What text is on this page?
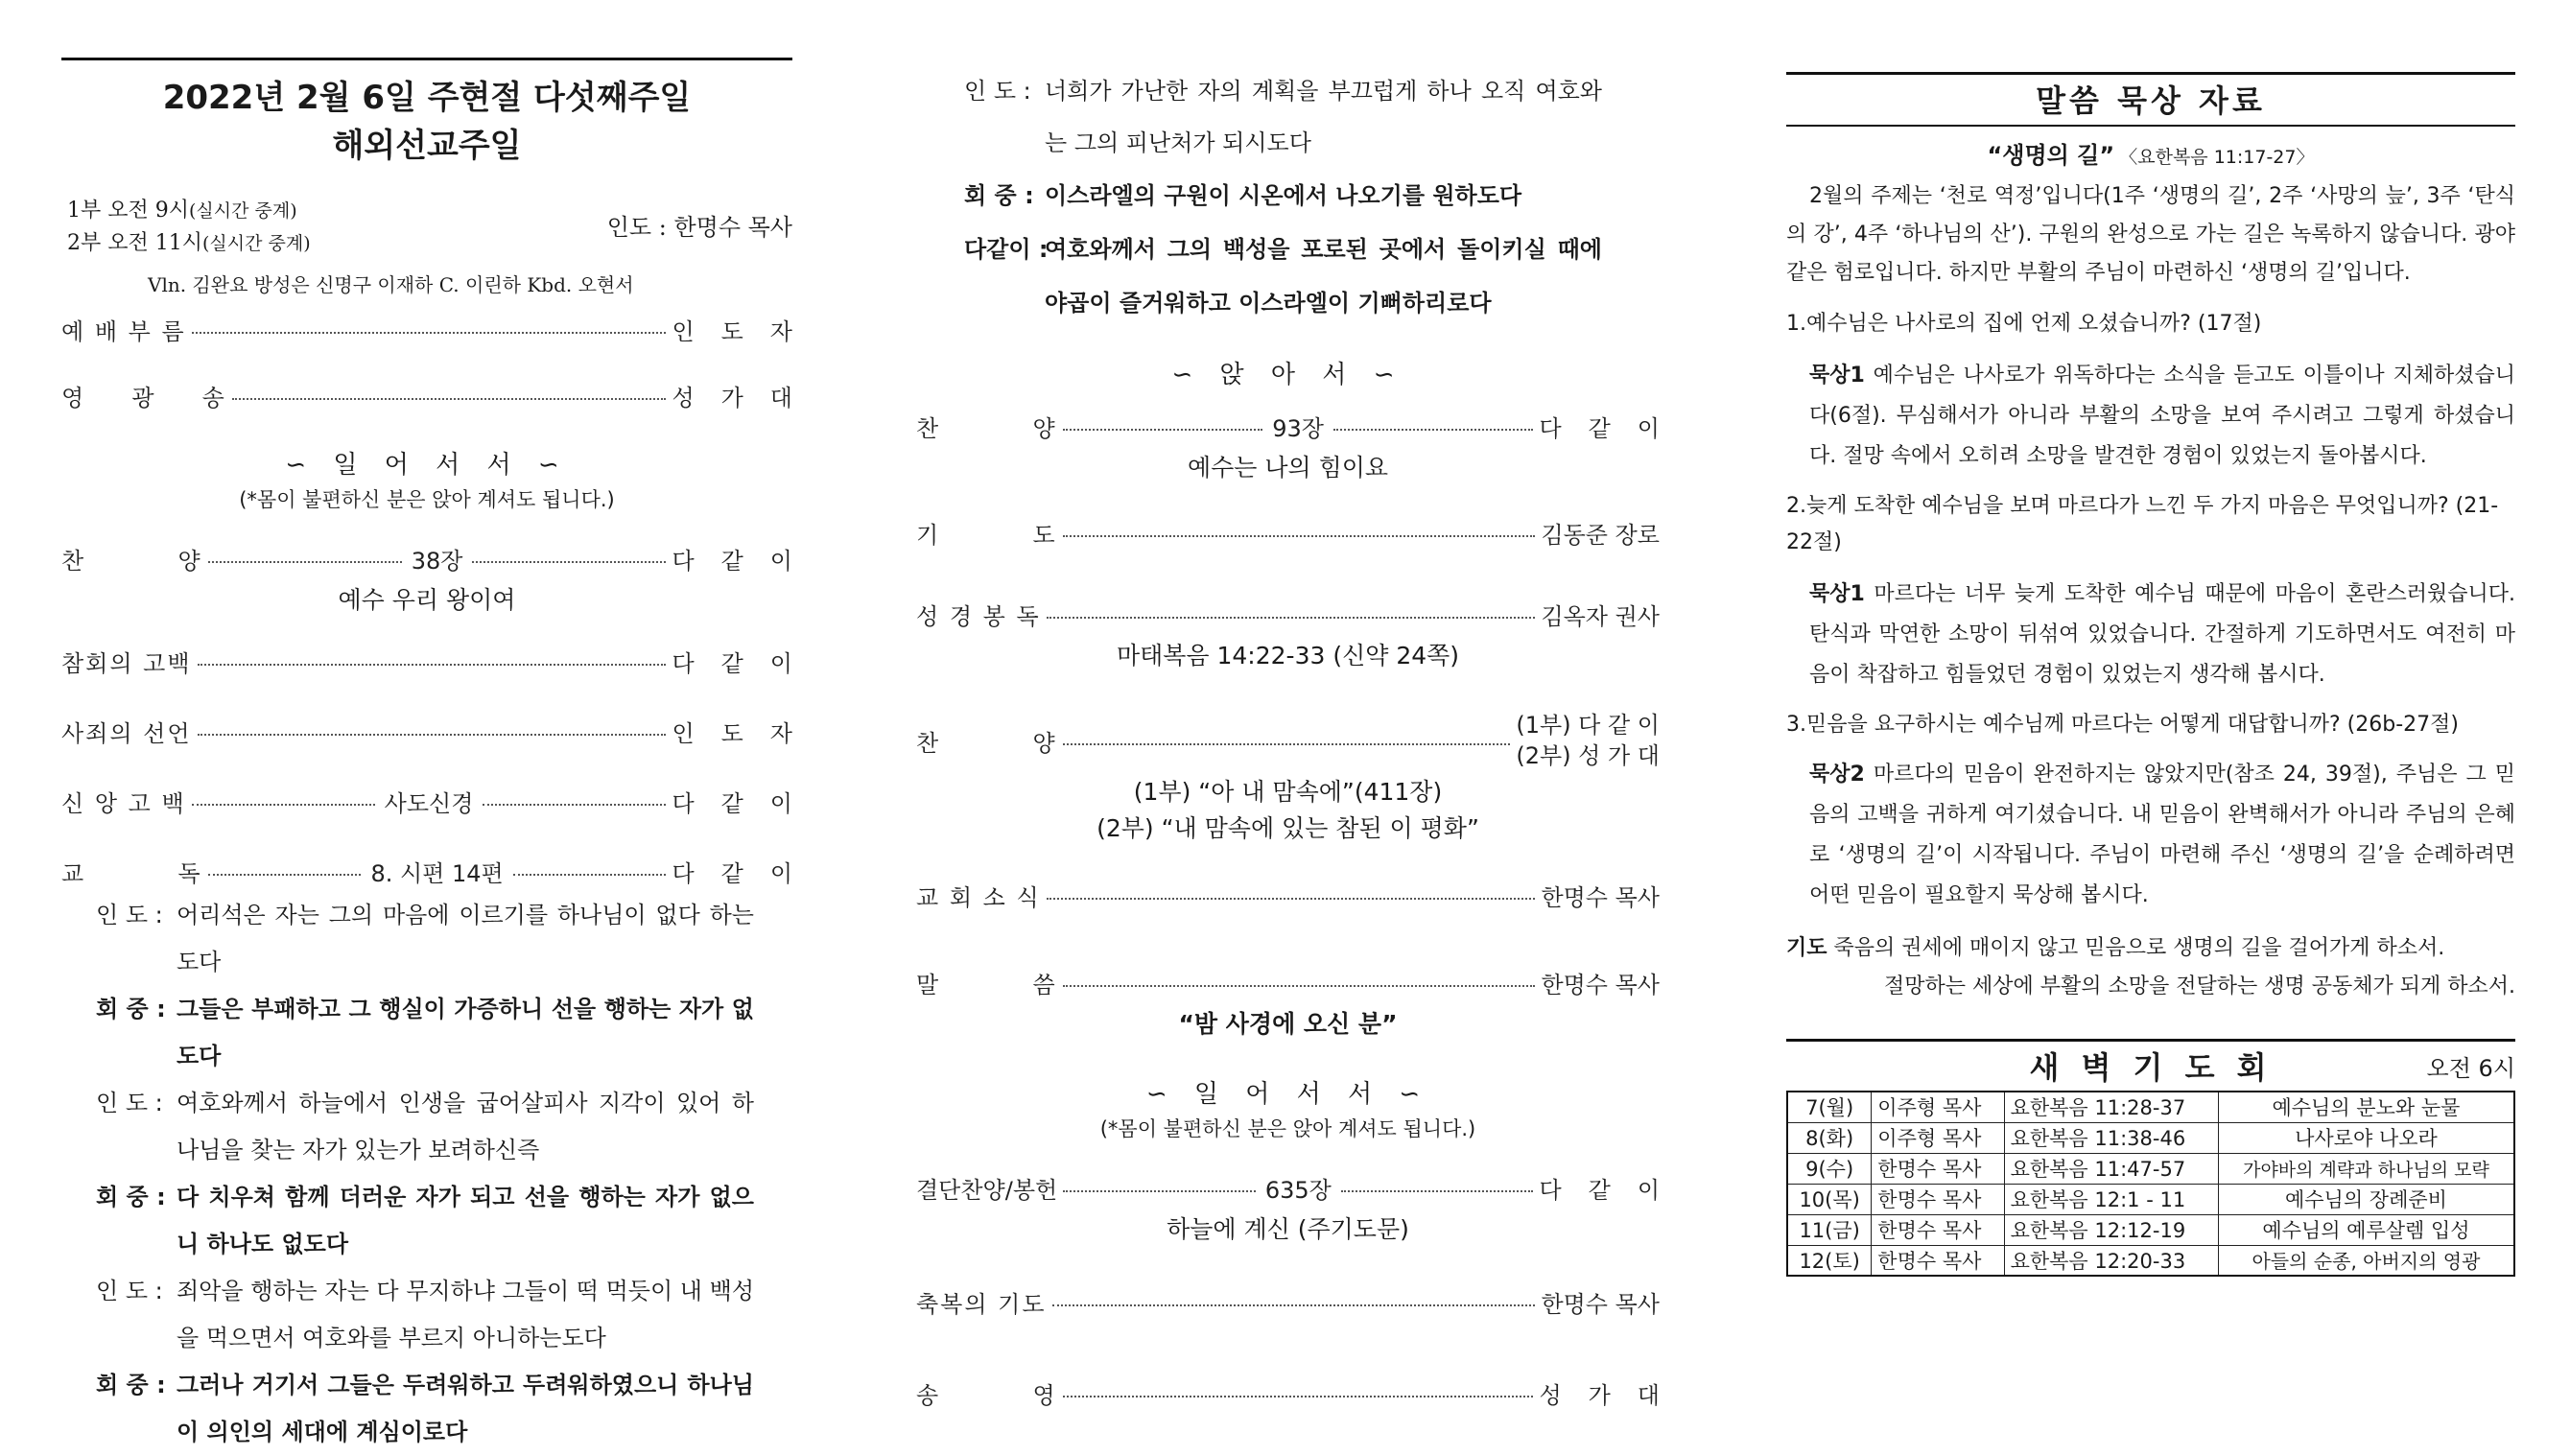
2022년 2월 6일 주현절 다섯째주일
해외선교주일
1부 오전 9시(실시간 중계)
2부 오전 11시(실시간 중계)
인도 : 한명수 목사
Vln. 김완요 방성은 신명구 이재하 C. 이린하 Kbd. 오현서
예 배 부 름	인도자
영     광     송	성가대
∽ 일 어 서 서 ∽
(*몸이 불편하신 분은 앉아 계셔도 됩니다.)
찬          양	38장	다같이
예수 우리 왕이여
참회의 고백	다같이
사죄의 선언	인도자
신 앙 고 백	사도신경	다같이
교          독	8. 시편 14편	다같이
인 도 : 어리석은 자는 그의 마음에 이르기를 하나님이 없다 하는도다
회 중 : 그들은 부패하고 그 행실이 가증하니 선을 행하는 자가 없도다
인 도 : 여호와께서 하늘에서 인생을 굽어살피사 지각이 있어 하나님을 찾는 자가 있는가 보려하신즉
회 중 : 다 치우쳐 함께 더러운 자가 되고 선을 행하는 자가 없으니 하나도 없도다
인 도 : 죄악을 행하는 자는 다 무지하냐 그들이 떡 먹듯이 내 백성을 먹으면서 여호와를 부르지 아니하는도다
회 중 : 그러나 거기서 그들은 두려워하고 두려워하였으니 하나님이 의인의 세대에 계심이로다
인 도 : 너희가 가난한 자의 계획을 부끄럽게 하나 오직 여호와는 그의 피난처가 되시도다
회 중 : 이스라엘의 구원이 시온에서 나오기를 원하도다
다같이 :
여호와께서 그의 백성을 포로된 곳에서 돌이키실 때에 야곱이 즐거워하고 이스라엘이 기뻐하리로다
∽ 앉 아 서 ∽
찬          양	93장	다같이
예수는 나의 힘이요
기          도	김동준 장로
성 경 봉 독	김옥자 권사
마태복음 14:22-33 (신약 24쪽)
찬          양
(1부) 다 같 이
(2부) 성 가 대
(1부) “아 내 맘속에”(411장)
(2부) “내 맘속에 있는 참된 이 평화”
교 회 소 식	한명수 목사
말          씀	한명수 목사
“밤 사경에 오신 분”
∽ 일 어 서 서 ∽
(*몸이 불편하신 분은 앉아 계셔도 됩니다.)
결단찬양/봉헌	635장	다같이
하늘에 계신 (주기도문)
축복의 기도	한명수 목사
송          영	성가대
말씀 묵상 자료
“생명의 길” 〈요한복음 11:17-27〉
2월의 주제는 ‘천로 역정’입니다(1주 ‘생명의 길’, 2주 ‘사망의 늪’, 3주 ‘탄식의 강’, 4주 ‘하나님의 산’). 구원의 완성으로 가는 길은 녹록하지 않습니다. 광야 같은 험로입니다. 하지만 부활의 주님이 마련하신 ‘생명의 길’입니다.
1.예수님은 나사로의 집에 언제 오셨습니까? (17절)
묵상1 예수님은 나사로가 위독하다는 소식을 듣고도 이틀이나 지체하셨습니다(6절). 무심해서가 아니라 부활의 소망을 보여 주시려고 그렇게 하셨습니다. 절망 속에서 오히려 소망을 발견한 경험이 있었는지 돌아봅시다.
2.늦게 도착한 예수님을 보며 마르다가 느낀 두 가지 마음은 무엇입니까? (21-22절)
묵상1 마르다는 너무 늦게 도착한 예수님 때문에 마음이 혼란스러웠습니다. 탄식과 막연한 소망이 뒤섞여 있었습니다. 간절하게 기도하면서도 여전히 마음이 착잡하고 힘들었던 경험이 있었는지 생각해 봅시다.
3.믿음을 요구하시는 예수님께 마르다는 어떻게 대답합니까? (26b-27절)
묵상2 마르다의 믿음이 완전하지는 않았지만(참조 24, 39절), 주님은 그 믿음의 고백을 귀하게 여기셨습니다. 내 믿음이 완벽해서가 아니라 주님의 은혜로 ‘생명의 길’이 시작됩니다. 주님이 마련해 주신 ‘생명의 길’을 순례하려면 어떤 믿음이 필요할지 묵상해 봅시다.
기도 죽음의 권세에 매이지 않고 믿음으로 생명의 길을 걸어가게 하소서.
절망하는 세상에 부활의 소망을 전달하는 생명 공동체가 되게 하소서.
새 벽 기 도 회	오전 6시
7(월)	이주형 목사	요한복음 11:28-37	예수님의 분노와 눈물
8(화)	이주형 목사	요한복음 11:38-46	나사로야 나오라
9(수)	한명수 목사	요한복음 11:47-57	가야바의 계략과 하나님의 모략
10(목)	한명수 목사	요한복음 12:1 - 11	예수님의 장례준비
11(금)	한명수 목사	요한복음 12:12-19	예수님의 예루살렘 입성
12(토)	한명수 목사	요한복음 12:20-33	아들의 순종, 아버지의 영광
